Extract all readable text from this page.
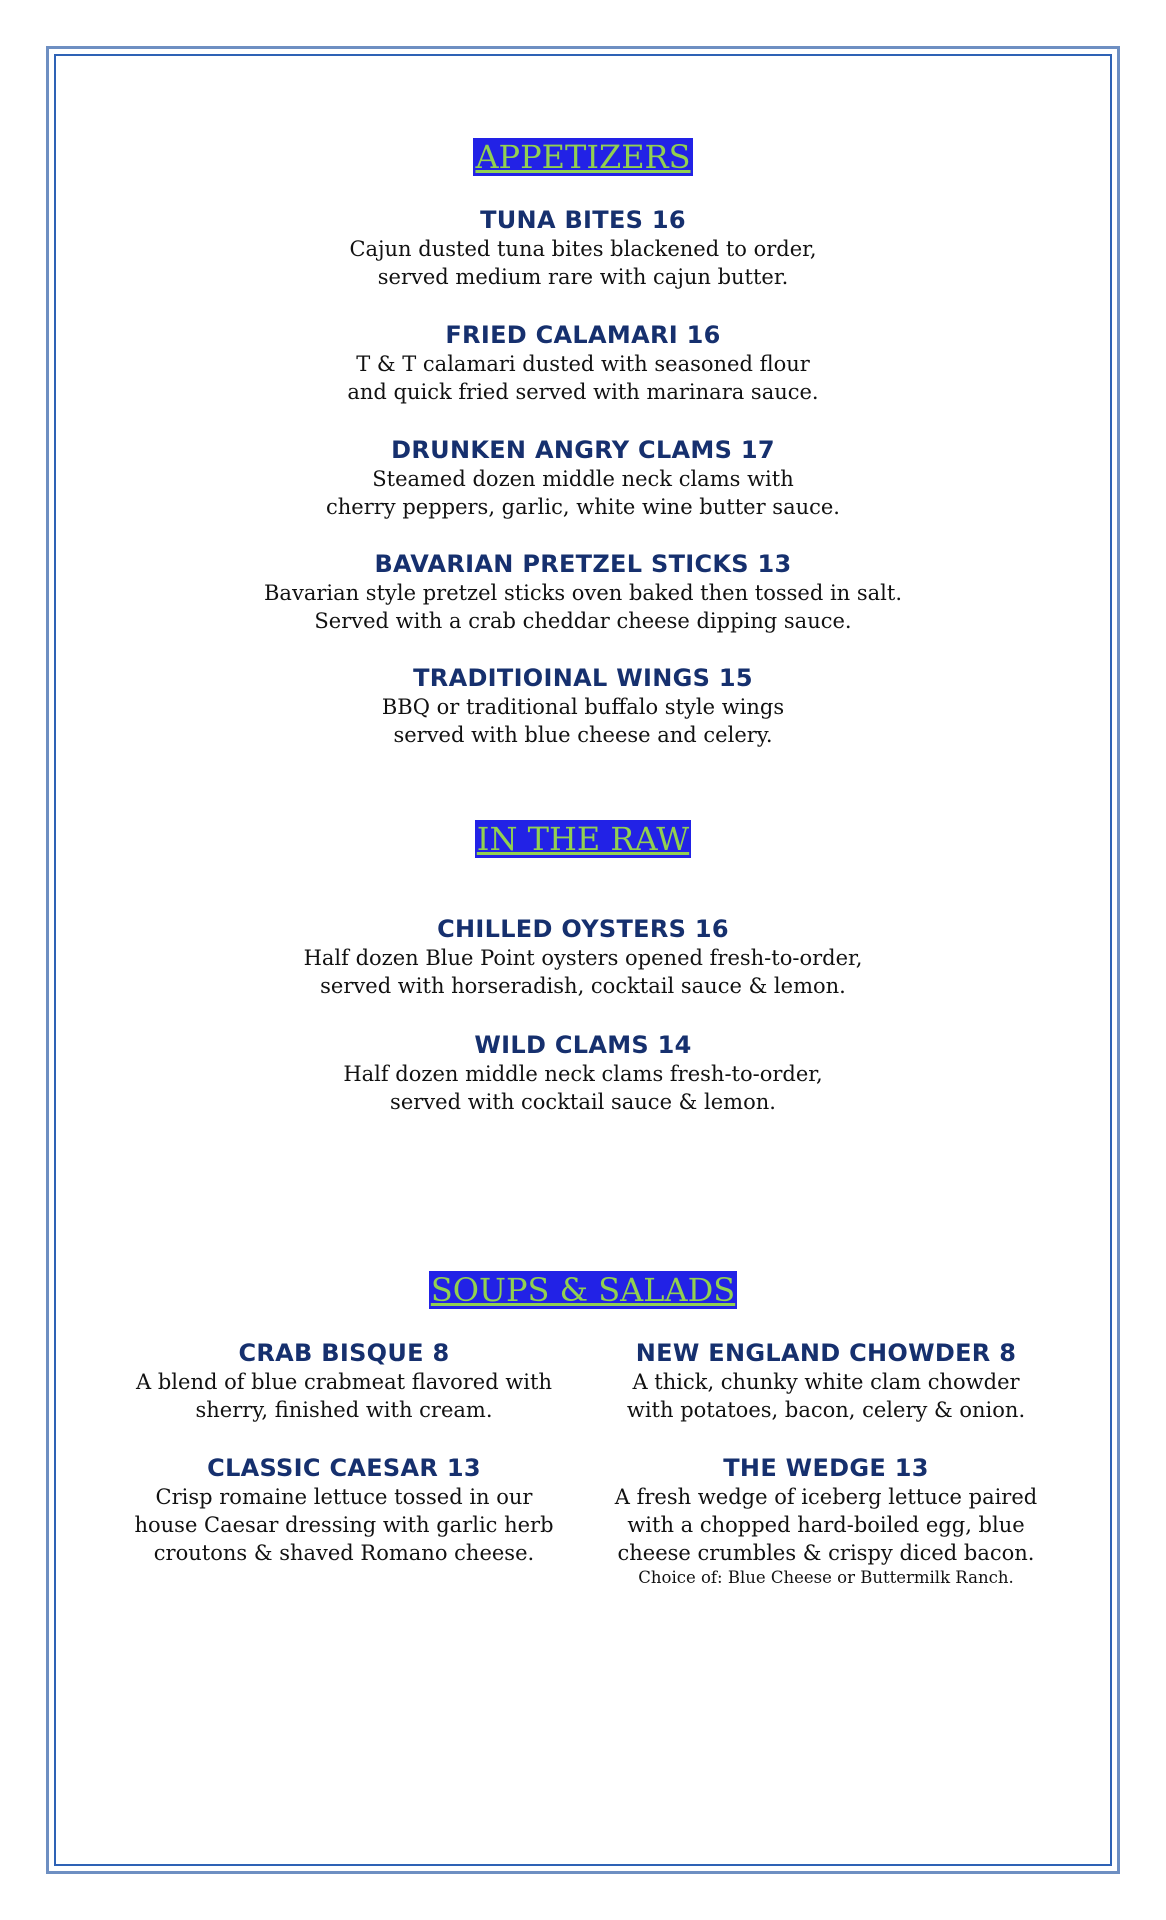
APPETIZERS
TUNA BITES 16
Cajun dusted tuna bites blackened to order,
served medium rare with cajun butter.
FRIED CALAMARI 16
T & T calamari dusted with seasoned flour
and quick fried served with marinara sauce.
DRUNKEN ANGRY CLAMS 17
Steamed dozen middle neck clams with
cherry peppers, garlic, white wine butter sauce.
BAVARIAN PRETZEL STICKS 13
Bavarian style pretzel sticks oven baked then tossed in salt.
Served with a crab cheddar cheese dipping sauce.
TRADITIOINAL WINGS 15
BBQ or traditional buffalo style wings
served with blue cheese and celery.
IN THE RAW
CHILLED OYSTERS 16
Half dozen Blue Point oysters opened fresh-to-order,
served with horseradish, cocktail sauce & lemon.
WILD CLAMS 14
Half dozen middle neck clams fresh-to-order,
served with cocktail sauce & lemon.
SOUPS & SALADS
CRAB BISQUE 8
A blend of blue crabmeat flavored with
sherry, finished with cream.
NEW ENGLAND CHOWDER 8
A thick, chunky white clam chowder
with potatoes, bacon, celery & onion.
CLASSIC CAESAR 13
Crisp romaine lettuce tossed in our
house Caesar dressing with garlic herb
croutons & shaved Romano cheese.
THE WEDGE 13
A fresh wedge of iceberg lettuce paired
with a chopped hard-boiled egg, blue
cheese crumbles & crispy diced bacon.
Choice of: Blue Cheese or Buttermilk Ranch.
